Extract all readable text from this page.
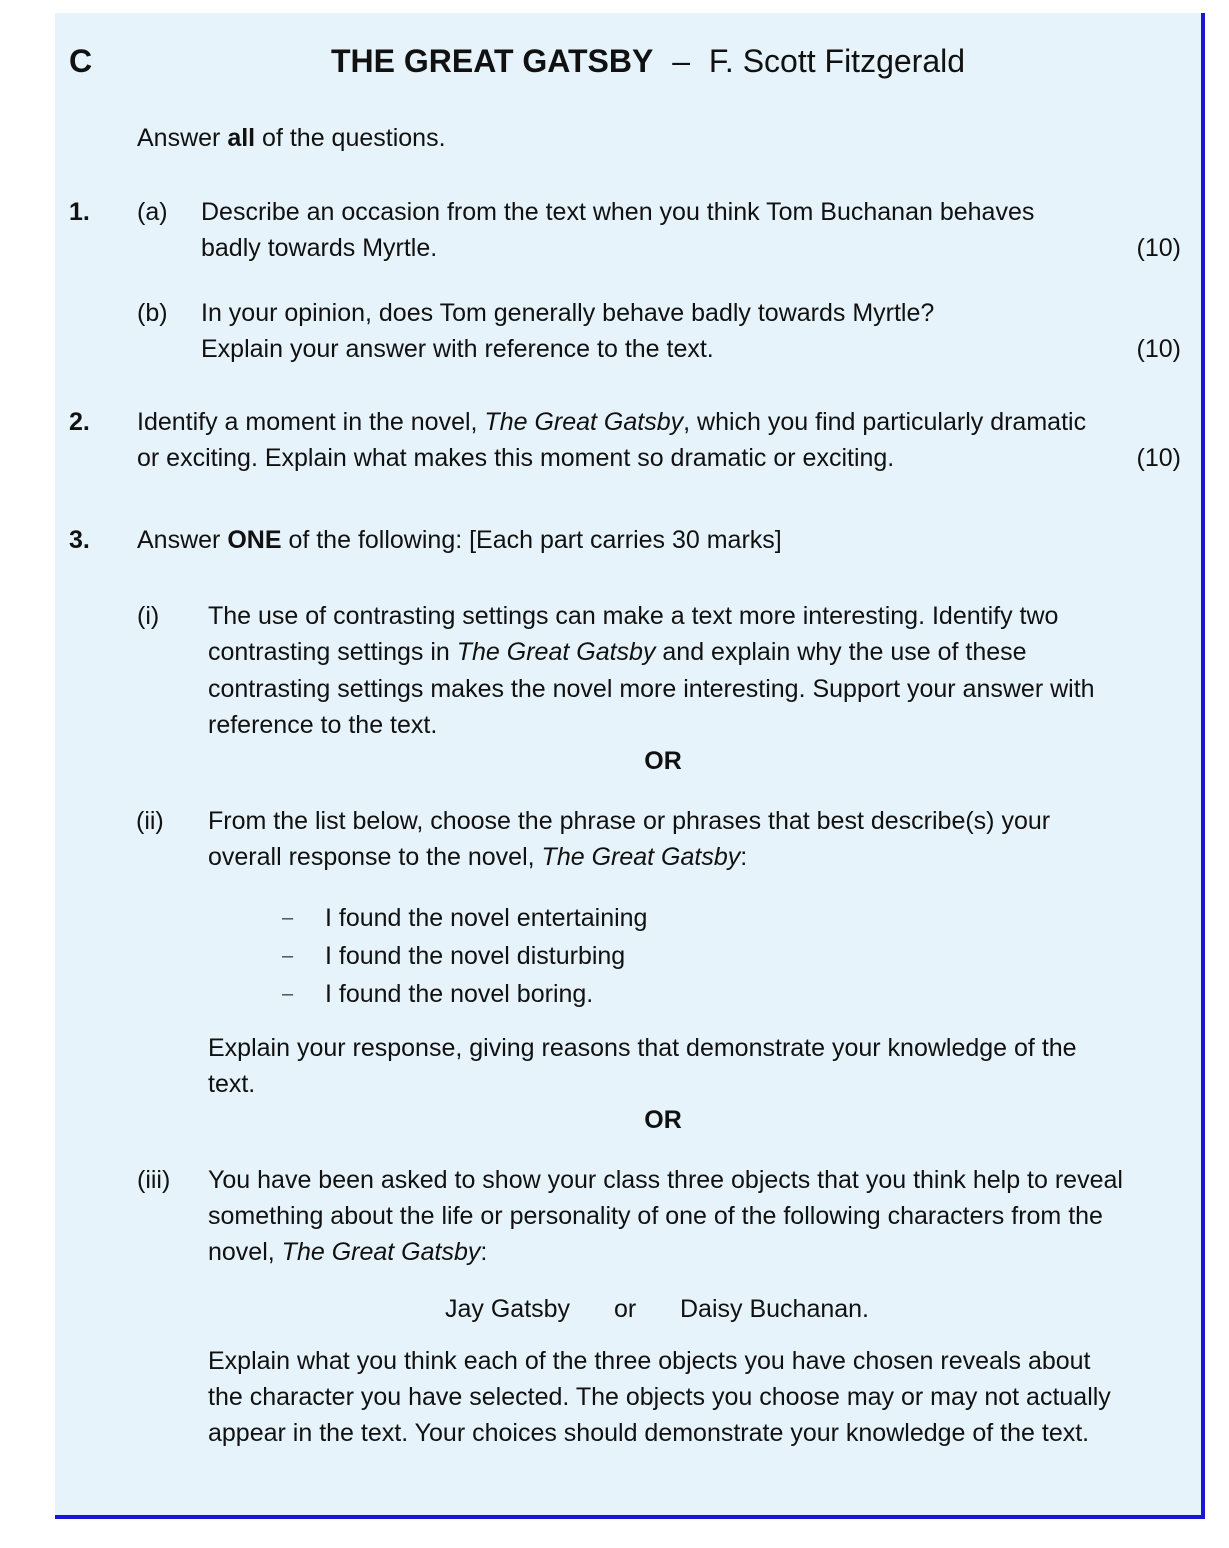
C	THE GREAT GATSBY – F. Scott Fitzgerald
Answer all of the questions.
1. (a) Describe an occasion from the text when you think Tom Buchanan behaves
badly towards Myrtle.	(10)
(b) In your opinion, does Tom generally behave badly towards Myrtle?
Explain your answer with reference to the text.	(10)
2. Identify a moment in the novel, The Great Gatsby, which you find particularly dramatic
or exciting. Explain what makes this moment so dramatic or exciting.	(10)
3. Answer ONE of the following: [Each part carries 30 marks]
(i) The use of contrasting settings can make a text more interesting. Identify two
contrasting settings in The Great Gatsby and explain why the use of these
contrasting settings makes the novel more interesting. Support your answer with
reference to the text.
OR
(ii) From the list below, choose the phrase or phrases that best describe(s) your
overall response to the novel, The Great Gatsby:
– I found the novel entertaining
– I found the novel disturbing
– I found the novel boring.
Explain your response, giving reasons that demonstrate your knowledge of the
text.
OR
(iii) You have been asked to show your class three objects that you think help to reveal
something about the life or personality of one of the following characters from the
novel, The Great Gatsby:
Jay Gatsby or Daisy Buchanan.
Explain what you think each of the three objects you have chosen reveals about
the character you have selected. The objects you choose may or may not actually
appear in the text. Your choices should demonstrate your knowledge of the text.
